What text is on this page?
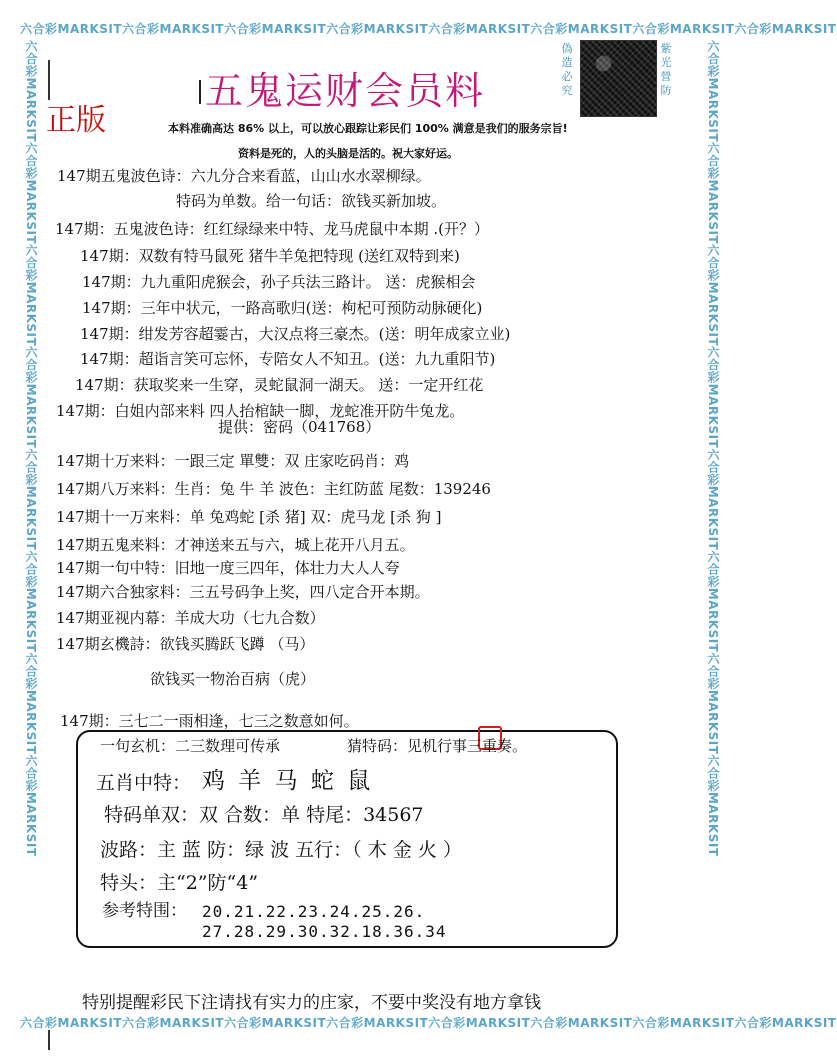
六合彩MARKSIT六合彩MARKSIT六合彩MARKSIT六合彩MARKSIT六合彩MARKSIT六合彩MARKSIT六合彩MARKSIT六合彩MARKSIT
六合彩MARKSIT六合彩MARKSIT六合彩MARKSIT六合彩MARKSIT六合彩MARKSIT六合彩MARKSIT六合彩MARKSIT六合彩MARKSIT
六合彩MARKSIT六合彩MARKSIT六合彩MARKSIT六合彩MARKSIT六合彩MARKSIT六合彩MARKSIT六合彩MARKSIT六合彩MARKSIT	六合彩MARKSIT六合彩MARKSIT六合彩MARKSIT六合彩MARKSIT六合彩MARKSIT六合彩MARKSIT六合彩MARKSIT六合彩MARKSIT
正版
五鬼运财会员料
偽造必究
紫光營防
本料准确高达 86% 以上，可以放心跟踪让彩民们 100% 满意是我们的服务宗旨!
资料是死的，人的头脑是活的。祝大家好运。
147期五鬼波色诗：六九分合来看蓝，山山水水翠柳绿。
特码为单数。给一句话：欲钱买新加坡。
147期：五鬼波色诗：红红绿绿来中特、龙马虎鼠中本期 .(开？）
147期：双数有特马鼠死 猪牛羊兔把特现 (送红双特到来)
147期：九九重阳虎猴会，孙子兵法三路计。 送：虎猴相会
147期：三年中状元，一路高歌归(送：枸杞可预防动脉硬化)
147期：绀发芳容超霎古，大汉点将三豪杰。(送：明年成家立业)
147期：超诣言笑可忘怀，专陪女人不知丑。(送：九九重阳节)
147期：获取奖来一生穿，灵蛇鼠洞一湖天。 送：一定开红花
147期：白姐内部来料 四人抬棺缺一脚，龙蛇准开防牛兔龙。
提供：密码（041768）
147期十万来料：一跟三定 單雙：双 庄家吃码肖：鸡
147期八万来料：生肖：兔 牛 羊 波色：主红防蓝 尾数：139246
147期十一万来料：单 兔鸡蛇 [杀 猪] 双：虎马龙 [杀 狗 ]
147期五鬼来料：才神送来五与六，城上花开八月五。
147期一句中特：旧地一度三四年，体壮力大人人夸
147期六合独家料：三五号码争上奖，四八定合开本期。
147期亚视内幕：羊成大功（七九合数）
147期玄機詩：欲钱买腾跃飞蹲 （马）
欲钱买一物治百病（虎）
147期：三七二一雨相逢，七三之数意如何。
一句玄机：二三数理可传承	猜特码：见机行事三重奏。
五肖中特： 鸡 羊 马 蛇 鼠
特码单双：双 合数：单 特尾：34567
波路：主 蓝 防：绿 波 五行：（ 木 金 火 ）
特头：主“2”防“4”
参考特围： 20.21.22.23.24.25.26.
27.28.29.30.32.18.36.34
特别提醒彩民下注请找有实力的庄家，不要中奖没有地方拿钱
